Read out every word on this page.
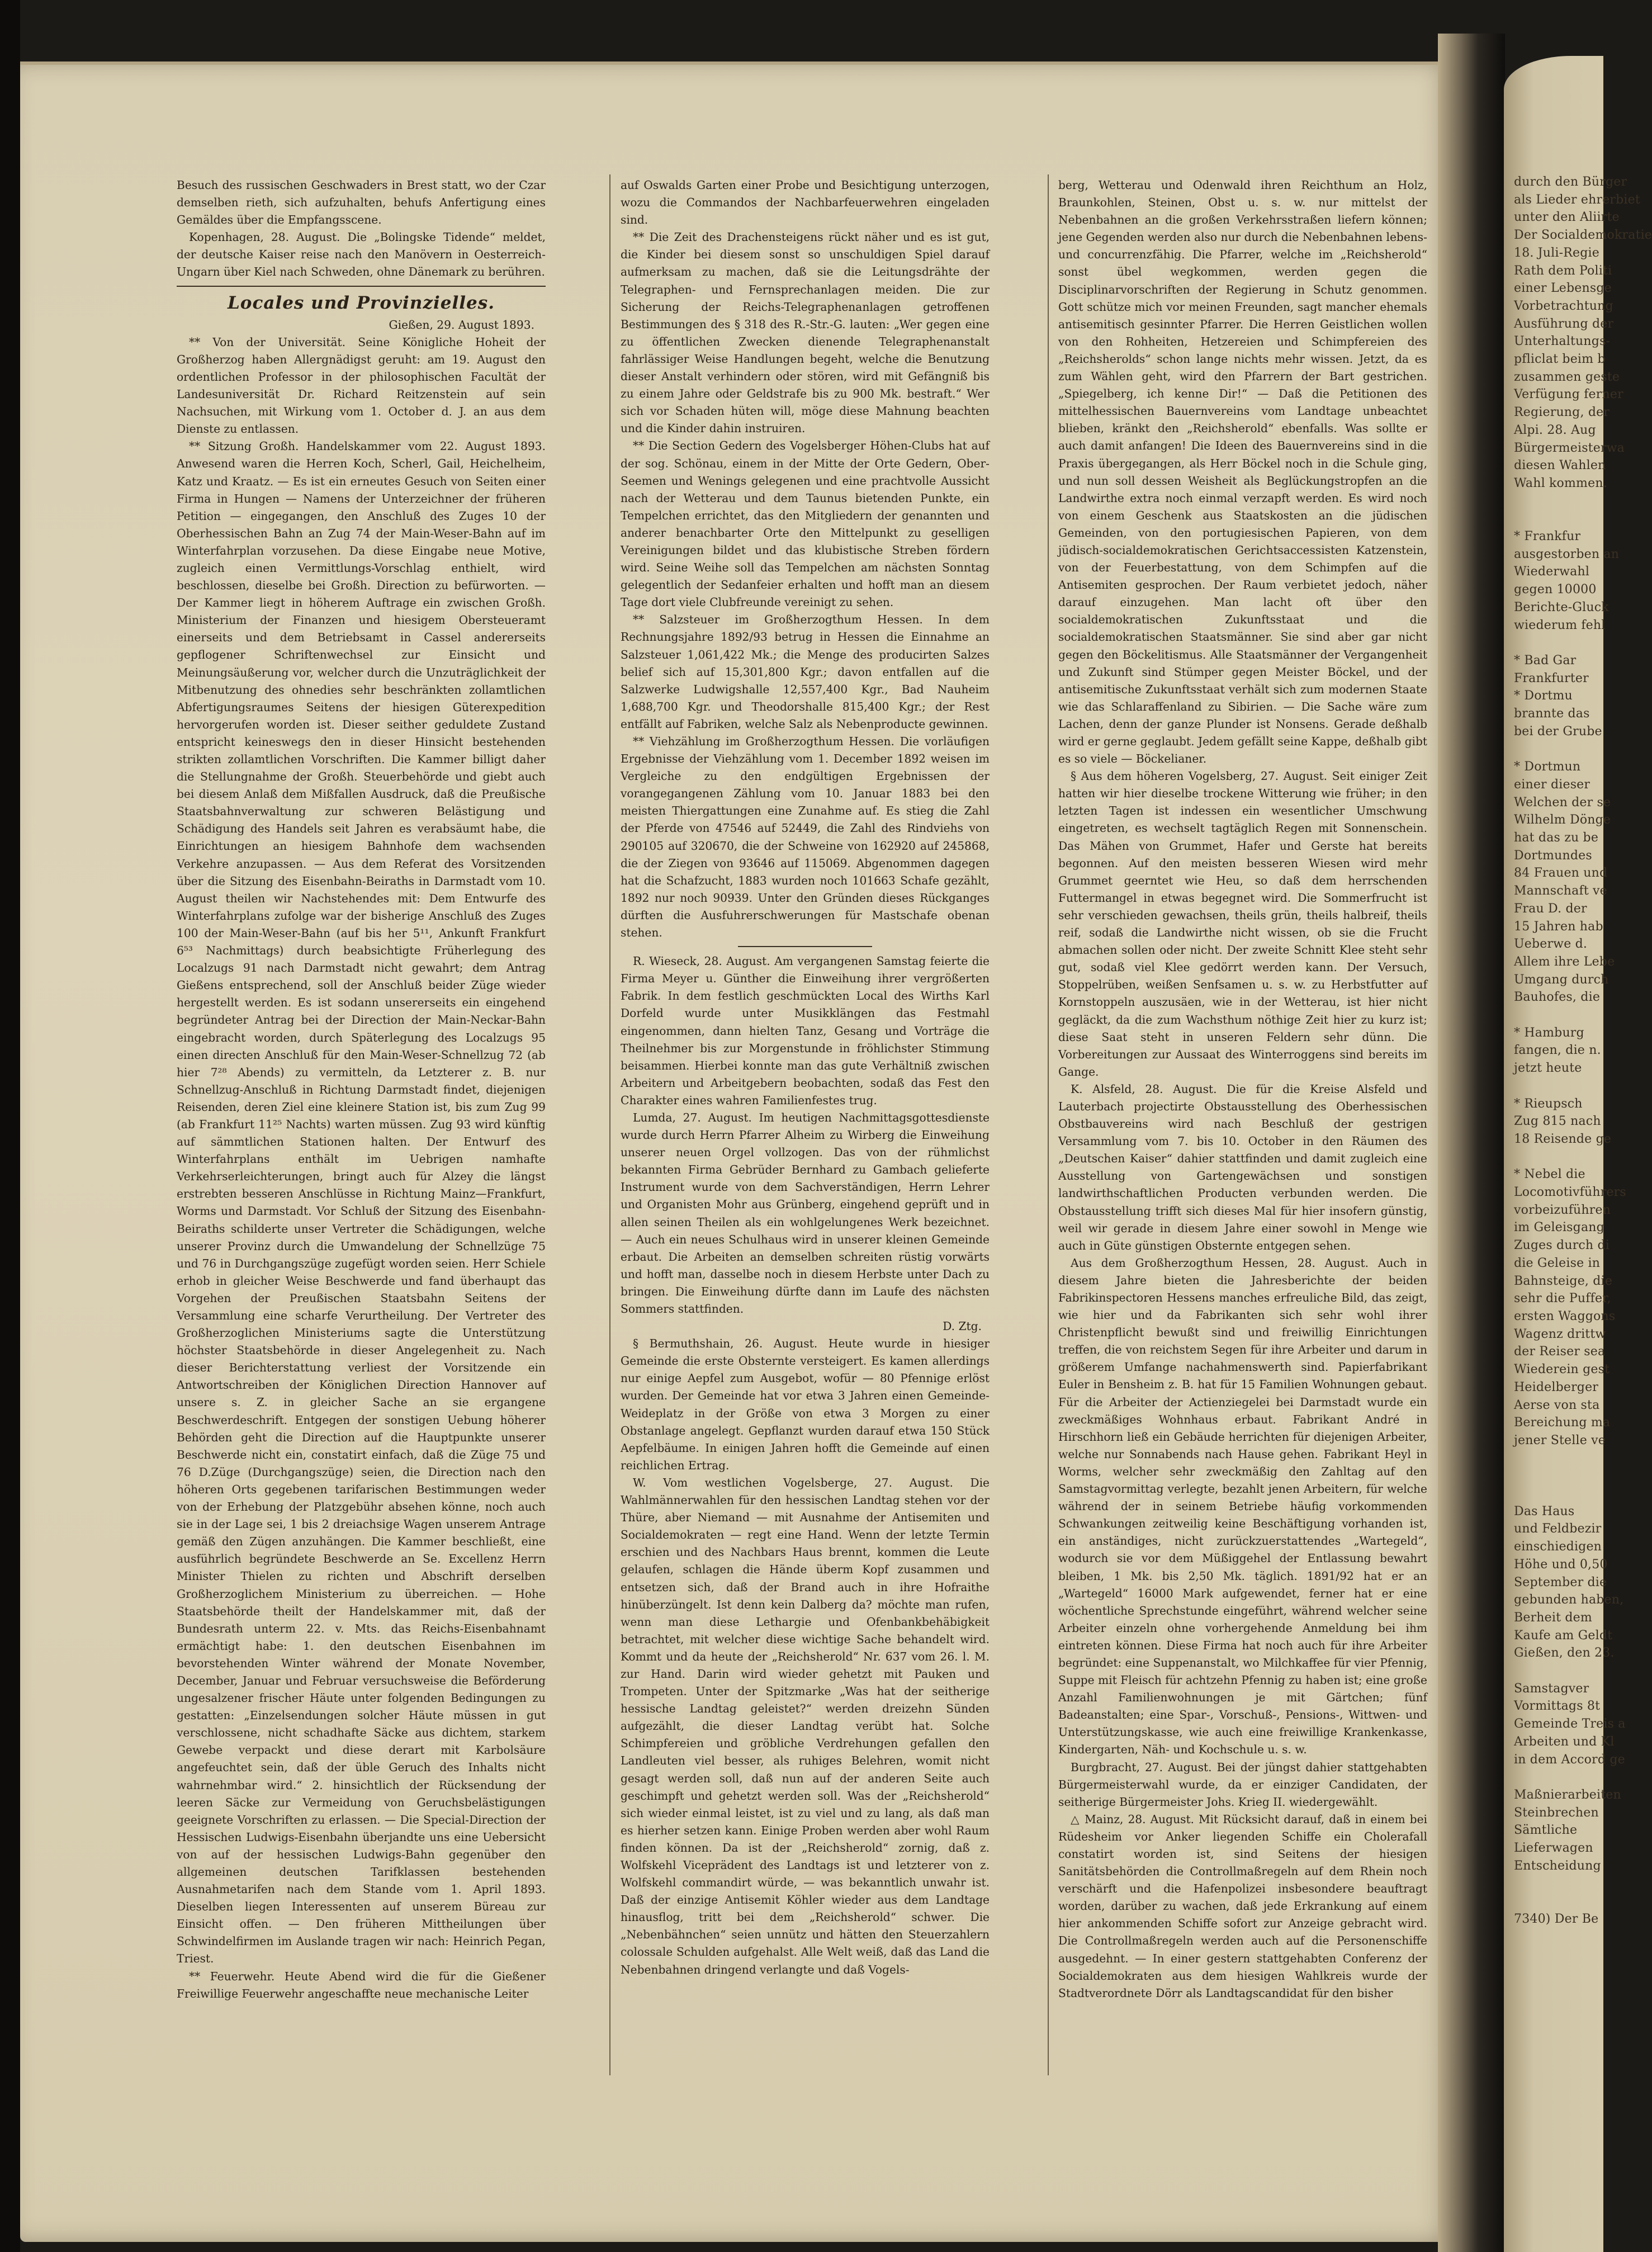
durch den Bürger
als Lieder ehrerbiet
unter den Aliirte
Der Socialdemokratie
18. Juli-Regie
Rath dem Politi
einer Lebensge
Vorbetrachtung
Ausführung der
Unterhaltungs-
pfliclat beim b
zusammen geste
Verfügung ferner
Regierung, der
Alpi. 28. Aug
Bürgermeisterwa
diesen Wahlen
Wahl kommen.

* Frankfur
ausgestorben an
Wiederwahl
gegen 10000
Berichte-Gluck
wiederum fehl

* Bad Gar
Frankfurter
* Dortmu
brannte das
bei der Grube

* Dortmun
einer dieser
Welchen der se
Wilhelm Dönge
hat das zu be
Dortmundes
84 Frauen und
Mannschaft ve
Frau D. der
15 Jahren hab
Ueberwe d.
Allem ihre Lebe
Umgang durch
Bauhofes, die

* Hamburg
fangen, die n.
jetzt heute

* Rieupsch
Zug 815 nach
18 Reisende ge

* Nebel die
Locomotivführers
vorbeizuführen
im Geleisgang
Zuges durch di
die Geleise in
Bahnsteige, die
sehr die Puffer,
ersten Waggons
Wagenz drittw
der Reiser sea
Wiederein gest
Heidelberger
Aerse von sta
Bereichung ma
jener Stelle ve

Das Haus
und Feldbezir
einschiedigen
Höhe und 0,50
September die
gebunden haben,
Berheit dem
Kaufe am Geldt
Gießen, den 23.

Samstagver
Vormittags 8t
Gemeinde Treis a
Arbeiten und Kl
in dem Accord ge

Maßnierarbeiten
Steinbrechen
Sämtliche
Lieferwagen
Entscheidung

7340) Der Be

Besuch des russischen Geschwaders in Brest statt, wo der Czar demselben rieth, sich aufzuhalten, behufs Anfertigung eines Gemäldes über die Empfangsscene.

Kopenhagen, 28. August. Die „Bolingske Tidende“ meldet, der deutsche Kaiser reise nach den Manövern in Oesterreich-Ungarn über Kiel nach Schweden, ohne Dänemark zu berühren.

Locales und Provinzielles.

Gießen, 29. August 1893.

** Von der Universität. Seine Königliche Hoheit der Großherzog haben Allergnädigst geruht: am 19. August den ordentlichen Professor in der philosophischen Facultät der Landesuniversität Dr. Richard Reitzenstein auf sein Nachsuchen, mit Wirkung vom 1. October d. J. an aus dem Dienste zu entlassen.

** Sitzung Großh. Handelskammer vom 22. August 1893. Anwesend waren die Herren Koch, Scherl, Gail, Heichelheim, Katz und Kraatz. — Es ist ein erneutes Gesuch von Seiten einer Firma in Hungen — Namens der Unterzeichner der früheren Petition — eingegangen, den Anschluß des Zuges 10 der Oberhessischen Bahn an Zug 74 der Main-Weser-Bahn auf im Winterfahrplan vorzusehen. Da diese Eingabe neue Motive, zugleich einen Vermittlungs-Vorschlag enthielt, wird beschlossen, dieselbe bei Großh. Direction zu befürworten. — Der Kammer liegt in höherem Auftrage ein zwischen Großh. Ministerium der Finanzen und hiesigem Obersteueramt einerseits und dem Betriebsamt in Cassel andererseits gepflogener Schriftenwechsel zur Einsicht und Meinungsäußerung vor, welcher durch die Unzuträglichkeit der Mitbenutzung des ohnedies sehr beschränkten zollamtlichen Abfertigungsraumes Seitens der hiesigen Güterexpedition hervorgerufen worden ist. Dieser seither geduldete Zustand entspricht keineswegs den in dieser Hinsicht bestehenden strikten zollamtlichen Vorschriften. Die Kammer billigt daher die Stellungnahme der Großh. Steuerbehörde und giebt auch bei diesem Anlaß dem Mißfallen Ausdruck, daß die Preußische Staatsbahnverwaltung zur schweren Belästigung und Schädigung des Handels seit Jahren es verabsäumt habe, die Einrichtungen an hiesigem Bahnhofe dem wachsenden Verkehre anzupassen. — Aus dem Referat des Vorsitzenden über die Sitzung des Eisenbahn-Beiraths in Darmstadt vom 10. August theilen wir Nachstehendes mit: Dem Entwurfe des Winterfahrplans zufolge war der bisherige Anschluß des Zuges 100 der Main-Weser-Bahn (auf bis her 5¹¹, Ankunft Frankfurt 6⁵³ Nachmittags) durch beabsichtigte Früherlegung des Localzugs 91 nach Darmstadt nicht gewahrt; dem Antrag Gießens entsprechend, soll der Anschluß beider Züge wieder hergestellt werden. Es ist sodann unsererseits ein eingehend begründeter Antrag bei der Direction der Main-Neckar-Bahn eingebracht worden, durch Späterlegung des Localzugs 95 einen directen Anschluß für den Main-Weser-Schnellzug 72 (ab hier 7²⁸ Abends) zu vermitteln, da Letzterer z. B. nur Schnellzug-Anschluß in Richtung Darmstadt findet, diejenigen Reisenden, deren Ziel eine kleinere Station ist, bis zum Zug 99 (ab Frankfurt 11²⁵ Nachts) warten müssen. Zug 93 wird künftig auf sämmtlichen Stationen halten. Der Entwurf des Winterfahrplans enthält im Uebrigen namhafte Verkehrserleichterungen, bringt auch für Alzey die längst erstrebten besseren Anschlüsse in Richtung Mainz—Frankfurt, Worms und Darmstadt. Vor Schluß der Sitzung des Eisenbahn-Beiraths schilderte unser Vertreter die Schädigungen, welche unserer Provinz durch die Umwandelung der Schnellzüge 75 und 76 in Durchgangszüge zugefügt worden seien. Herr Schiele erhob in gleicher Weise Beschwerde und fand überhaupt das Vorgehen der Preußischen Staatsbahn Seitens der Versammlung eine scharfe Verurtheilung. Der Vertreter des Großherzoglichen Ministeriums sagte die Unterstützung höchster Staatsbehörde in dieser Angelegenheit zu. Nach dieser Berichterstattung verliest der Vorsitzende ein Antwortschreiben der Königlichen Direction Hannover auf unsere s. Z. in gleicher Sache an sie ergangene Beschwerdeschrift. Entgegen der sonstigen Uebung höherer Behörden geht die Direction auf die Hauptpunkte unserer Beschwerde nicht ein, constatirt einfach, daß die Züge 75 und 76 D.Züge (Durchgangszüge) seien, die Direction nach den höheren Orts gegebenen tarifarischen Bestimmungen weder von der Erhebung der Platzgebühr absehen könne, noch auch sie in der Lage sei, 1 bis 2 dreiachsige Wagen unserem Antrage gemäß den Zügen anzuhängen. Die Kammer beschließt, eine ausführlich begründete Beschwerde an Se. Excellenz Herrn Minister Thielen zu richten und Abschrift derselben Großherzoglichem Ministerium zu überreichen. — Hohe Staatsbehörde theilt der Handelskammer mit, daß der Bundesrath unterm 22. v. Mts. das Reichs-Eisenbahnamt ermächtigt habe: 1. den deutschen Eisenbahnen im bevorstehenden Winter während der Monate November, December, Januar und Februar versuchsweise die Beförderung ungesalzener frischer Häute unter folgenden Bedingungen zu gestatten: „Einzelsendungen solcher Häute müssen in gut verschlossene, nicht schadhafte Säcke aus dichtem, starkem Gewebe verpackt und diese derart mit Karbolsäure angefeuchtet sein, daß der üble Geruch des Inhalts nicht wahrnehmbar wird.“ 2. hinsichtlich der Rücksendung der leeren Säcke zur Vermeidung von Geruchsbelästigungen geeignete Vorschriften zu erlassen. — Die Special-Direction der Hessischen Ludwigs-Eisenbahn überjandte uns eine Uebersicht von auf der hessischen Ludwigs-Bahn gegenüber den allgemeinen deutschen Tarifklassen bestehenden Ausnahmetarifen nach dem Stande vom 1. April 1893. Dieselben liegen Interessenten auf unserem Büreau zur Einsicht offen. — Den früheren Mittheilungen über Schwindelfirmen im Auslande tragen wir nach: Heinrich Pegan, Triest.

** Feuerwehr. Heute Abend wird die für die Gießener Freiwillige Feuerwehr angeschaffte neue mechanische Leiter

auf Oswalds Garten einer Probe und Besichtigung unterzogen, wozu die Commandos der Nachbarfeuerwehren eingeladen sind.

** Die Zeit des Drachensteigens rückt näher und es ist gut, die Kinder bei diesem sonst so unschuldigen Spiel darauf aufmerksam zu machen, daß sie die Leitungsdrähte der Telegraphen- und Fernsprechanlagen meiden. Die zur Sicherung der Reichs-Telegraphenanlagen getroffenen Bestimmungen des § 318 des R.-Str.-G. lauten: „Wer gegen eine zu öffentlichen Zwecken dienende Telegraphenanstalt fahrlässiger Weise Handlungen begeht, welche die Benutzung dieser Anstalt verhindern oder stören, wird mit Gefängniß bis zu einem Jahre oder Geldstrafe bis zu 900 Mk. bestraft.“ Wer sich vor Schaden hüten will, möge diese Mahnung beachten und die Kinder dahin instruiren.

** Die Section Gedern des Vogelsberger Höhen-Clubs hat auf der sog. Schönau, einem in der Mitte der Orte Gedern, Ober-Seemen und Wenings gelegenen und eine prachtvolle Aussicht nach der Wetterau und dem Taunus bietenden Punkte, ein Tempelchen errichtet, das den Mitgliedern der genannten und anderer benachbarter Orte den Mittelpunkt zu geselligen Vereinigungen bildet und das klubistische Streben fördern wird. Seine Weihe soll das Tempelchen am nächsten Sonntag gelegentlich der Sedanfeier erhalten und hofft man an diesem Tage dort viele Clubfreunde vereinigt zu sehen.

** Salzsteuer im Großherzogthum Hessen. In dem Rechnungsjahre 1892/93 betrug in Hessen die Einnahme an Salzsteuer 1,061,422 Mk.; die Menge des producirten Salzes belief sich auf 15,301,800 Kgr.; davon entfallen auf die Salzwerke Ludwigshalle 12,557,400 Kgr., Bad Nauheim 1,688,700 Kgr. und Theodorshalle 815,400 Kgr.; der Rest entfällt auf Fabriken, welche Salz als Nebenproducte gewinnen.

** Viehzählung im Großherzogthum Hessen. Die vorläufigen Ergebnisse der Viehzählung vom 1. December 1892 weisen im Vergleiche zu den endgültigen Ergebnissen der vorangegangenen Zählung vom 10. Januar 1883 bei den meisten Thiergattungen eine Zunahme auf. Es stieg die Zahl der Pferde von 47546 auf 52449, die Zahl des Rindviehs von 290105 auf 320670, die der Schweine von 162920 auf 245868, die der Ziegen von 93646 auf 115069. Abgenommen dagegen hat die Schafzucht, 1883 wurden noch 101663 Schafe gezählt, 1892 nur noch 90939. Unter den Gründen dieses Rückganges dürften die Ausfuhrerschwerungen für Mastschafe obenan stehen.

R. Wieseck, 28. August. Am vergangenen Samstag feierte die Firma Meyer u. Günther die Einweihung ihrer vergrößerten Fabrik. In dem festlich geschmückten Local des Wirths Karl Dorfeld wurde unter Musikklängen das Festmahl eingenommen, dann hielten Tanz, Gesang und Vorträge die Theilnehmer bis zur Morgenstunde in fröhlichster Stimmung beisammen. Hierbei konnte man das gute Verhältniß zwischen Arbeitern und Arbeitgebern beobachten, sodaß das Fest den Charakter eines wahren Familienfestes trug.

Lumda, 27. August. Im heutigen Nachmittagsgottesdienste wurde durch Herrn Pfarrer Alheim zu Wirberg die Einweihung unserer neuen Orgel vollzogen. Das von der rühmlichst bekannten Firma Gebrüder Bernhard zu Gambach gelieferte Instrument wurde von dem Sachverständigen, Herrn Lehrer und Organisten Mohr aus Grünberg, eingehend geprüft und in allen seinen Theilen als ein wohlgelungenes Werk bezeichnet. — Auch ein neues Schulhaus wird in unserer kleinen Gemeinde erbaut. Die Arbeiten an demselben schreiten rüstig vorwärts und hofft man, dasselbe noch in diesem Herbste unter Dach zu bringen. Die Einweihung dürfte dann im Laufe des nächsten Sommers stattfinden.

D. Ztg.

§ Bermuthshain, 26. August. Heute wurde in hiesiger Gemeinde die erste Obsternte versteigert. Es kamen allerdings nur einige Aepfel zum Ausgebot, wofür — 80 Pfennige erlöst wurden. Der Gemeinde hat vor etwa 3 Jahren einen Gemeinde-Weideplatz in der Größe von etwa 3 Morgen zu einer Obstanlage angelegt. Gepflanzt wurden darauf etwa 150 Stück Aepfelbäume. In einigen Jahren hofft die Gemeinde auf einen reichlichen Ertrag.

W. Vom westlichen Vogelsberge, 27. August. Die Wahlmännerwahlen für den hessischen Landtag stehen vor der Thüre, aber Niemand — mit Ausnahme der Antisemiten und Socialdemokraten — regt eine Hand. Wenn der letzte Termin erschien und des Nachbars Haus brennt, kommen die Leute gelaufen, schlagen die Hände überm Kopf zusammen und entsetzen sich, daß der Brand auch in ihre Hofraithe hinüberzüngelt. Ist denn kein Dalberg da? möchte man rufen, wenn man diese Lethargie und Ofenbankbehäbigkeit betrachtet, mit welcher diese wichtige Sache behandelt wird. Kommt und da heute der „Reichsherold“ Nr. 637 vom 26. l. M. zur Hand. Darin wird wieder gehetzt mit Pauken und Trompeten. Unter der Spitzmarke „Was hat der seitherige hessische Landtag geleistet?“ werden dreizehn Sünden aufgezählt, die dieser Landtag verübt hat. Solche Schimpfereien und gröbliche Verdrehungen gefallen den Landleuten viel besser, als ruhiges Belehren, womit nicht gesagt werden soll, daß nun auf der anderen Seite auch geschimpft und gehetzt werden soll. Was der „Reichsherold“ sich wieder einmal leistet, ist zu viel und zu lang, als daß man es hierher setzen kann. Einige Proben werden aber wohl Raum finden können. Da ist der „Reichsherold“ zornig, daß z. Wolfskehl Viceprädent des Landtags ist und letzterer von z. Wolfskehl commandirt würde, — was bekanntlich unwahr ist. Daß der einzige Antisemit Köhler wieder aus dem Landtage hinausflog, tritt bei dem „Reichsherold“ schwer. Die „Nebenbähnchen“ seien unnütz und hätten den Steuerzahlern colossale Schulden aufgehalst. Alle Welt weiß, daß das Land die Nebenbahnen dringend verlangte und daß Vogels-

berg, Wetterau und Odenwald ihren Reichthum an Holz, Braunkohlen, Steinen, Obst u. s. w. nur mittelst der Nebenbahnen an die großen Verkehrsstraßen liefern können; jene Gegenden werden also nur durch die Nebenbahnen lebens- und concurrenzfähig. Die Pfarrer, welche im „Reichsherold“ sonst übel wegkommen, werden gegen die Disciplinarvorschriften der Regierung in Schutz genommen. Gott schütze mich vor meinen Freunden, sagt mancher ehemals antisemitisch gesinnter Pfarrer. Die Herren Geistlichen wollen von den Rohheiten, Hetzereien und Schimpfereien des „Reichsherolds“ schon lange nichts mehr wissen. Jetzt, da es zum Wählen geht, wird den Pfarrern der Bart gestrichen. „Spiegelberg, ich kenne Dir!“ — Daß die Petitionen des mittelhessischen Bauernvereins vom Landtage unbeachtet blieben, kränkt den „Reichsherold“ ebenfalls. Was sollte er auch damit anfangen! Die Ideen des Bauernvereins sind in die Praxis übergegangen, als Herr Böckel noch in die Schule ging, und nun soll dessen Weisheit als Beglückungstropfen an die Landwirthe extra noch einmal verzapft werden. Es wird noch von einem Geschenk aus Staatskosten an die jüdischen Gemeinden, von den portugiesischen Papieren, von dem jüdisch-socialdemokratischen Gerichtsaccessisten Katzenstein, von der Feuerbestattung, von dem Schimpfen auf die Antisemiten gesprochen. Der Raum verbietet jedoch, näher darauf einzugehen. Man lacht oft über den socialdemokratischen Zukunftsstaat und die socialdemokratischen Staatsmänner. Sie sind aber gar nicht gegen den Böckelitismus. Alle Staatsmänner der Vergangenheit und Zukunft sind Stümper gegen Meister Böckel, und der antisemitische Zukunftsstaat verhält sich zum modernen Staate wie das Schlaraffenland zu Sibirien. — Die Sache wäre zum Lachen, denn der ganze Plunder ist Nonsens. Gerade deßhalb wird er gerne geglaubt. Jedem gefällt seine Kappe, deßhalb gibt es so viele — Böckelianer.

§ Aus dem höheren Vogelsberg, 27. August. Seit einiger Zeit hatten wir hier dieselbe trockene Witterung wie früher; in den letzten Tagen ist indessen ein wesentlicher Umschwung eingetreten, es wechselt tagtäglich Regen mit Sonnenschein. Das Mähen von Grummet, Hafer und Gerste hat bereits begonnen. Auf den meisten besseren Wiesen wird mehr Grummet geerntet wie Heu, so daß dem herrschenden Futtermangel in etwas begegnet wird. Die Sommerfrucht ist sehr verschieden gewachsen, theils grün, theils halbreif, theils reif, sodaß die Landwirthe nicht wissen, ob sie die Frucht abmachen sollen oder nicht. Der zweite Schnitt Klee steht sehr gut, sodaß viel Klee gedörrt werden kann. Der Versuch, Stoppelrüben, weißen Senfsamen u. s. w. zu Herbstfutter auf Kornstoppeln auszusäen, wie in der Wetterau, ist hier nicht gegläckt, da die zum Wachsthum nöthige Zeit hier zu kurz ist; diese Saat steht in unseren Feldern sehr dünn. Die Vorbereitungen zur Aussaat des Winterroggens sind bereits im Gange.

K. Alsfeld, 28. August. Die für die Kreise Alsfeld und Lauterbach projectirte Obstausstellung des Oberhessischen Obstbauvereins wird nach Beschluß der gestrigen Versammlung vom 7. bis 10. October in den Räumen des „Deutschen Kaiser“ dahier stattfinden und damit zugleich eine Ausstellung von Gartengewächsen und sonstigen landwirthschaftlichen Producten verbunden werden. Die Obstausstellung trifft sich dieses Mal für hier insofern günstig, weil wir gerade in diesem Jahre einer sowohl in Menge wie auch in Güte günstigen Obsternte entgegen sehen.

Aus dem Großherzogthum Hessen, 28. August. Auch in diesem Jahre bieten die Jahresberichte der beiden Fabrikinspectoren Hessens manches erfreuliche Bild, das zeigt, wie hier und da Fabrikanten sich sehr wohl ihrer Christenpflicht bewußt sind und freiwillig Einrichtungen treffen, die von reichstem Segen für ihre Arbeiter und darum in größerem Umfange nachahmenswerth sind. Papierfabrikant Euler in Bensheim z. B. hat für 15 Familien Wohnungen gebaut. Für die Arbeiter der Actienziegelei bei Darmstadt wurde ein zweckmäßiges Wohnhaus erbaut. Fabrikant André in Hirschhorn ließ ein Gebäude herrichten für diejenigen Arbeiter, welche nur Sonnabends nach Hause gehen. Fabrikant Heyl in Worms, welcher sehr zweckmäßig den Zahltag auf den Samstagvormittag verlegte, bezahlt jenen Arbeitern, für welche während der in seinem Betriebe häufig vorkommenden Schwankungen zeitweilig keine Beschäftigung vorhanden ist, ein anständiges, nicht zurückzuerstattendes „Wartegeld“, wodurch sie vor dem Müßiggehel der Entlassung bewahrt bleiben, 1 Mk. bis 2,50 Mk. täglich. 1891/92 hat er an „Wartegeld“ 16000 Mark aufgewendet, ferner hat er eine wöchentliche Sprechstunde eingeführt, während welcher seine Arbeiter einzeln ohne vorhergehende Anmeldung bei ihm eintreten können. Diese Firma hat noch auch für ihre Arbeiter begründet: eine Suppenanstalt, wo Milchkaffee für vier Pfennig, Suppe mit Fleisch für achtzehn Pfennig zu haben ist; eine große Anzahl Familienwohnungen je mit Gärtchen; fünf Badeanstalten; eine Spar-, Vorschuß-, Pensions-, Wittwen- und Unterstützungskasse, wie auch eine freiwillige Krankenkasse, Kindergarten, Näh- und Kochschule u. s. w.

Burgbracht, 27. August. Bei der jüngst dahier stattgehabten Bürgermeisterwahl wurde, da er einziger Candidaten, der seitherige Bürgermeister Johs. Krieg II. wiedergewählt.

△ Mainz, 28. August. Mit Rücksicht darauf, daß in einem bei Rüdesheim vor Anker liegenden Schiffe ein Cholerafall constatirt worden ist, sind Seitens der hiesigen Sanitätsbehörden die Controllmaßregeln auf dem Rhein noch verschärft und die Hafenpolizei insbesondere beauftragt worden, darüber zu wachen, daß jede Erkrankung auf einem hier ankommenden Schiffe sofort zur Anzeige gebracht wird. Die Controllmaßregeln werden auch auf die Personenschiffe ausgedehnt. — In einer gestern stattgehabten Conferenz der Socialdemokraten aus dem hiesigen Wahlkreis wurde der Stadtverordnete Dörr als Landtagscandidat für den bisher
